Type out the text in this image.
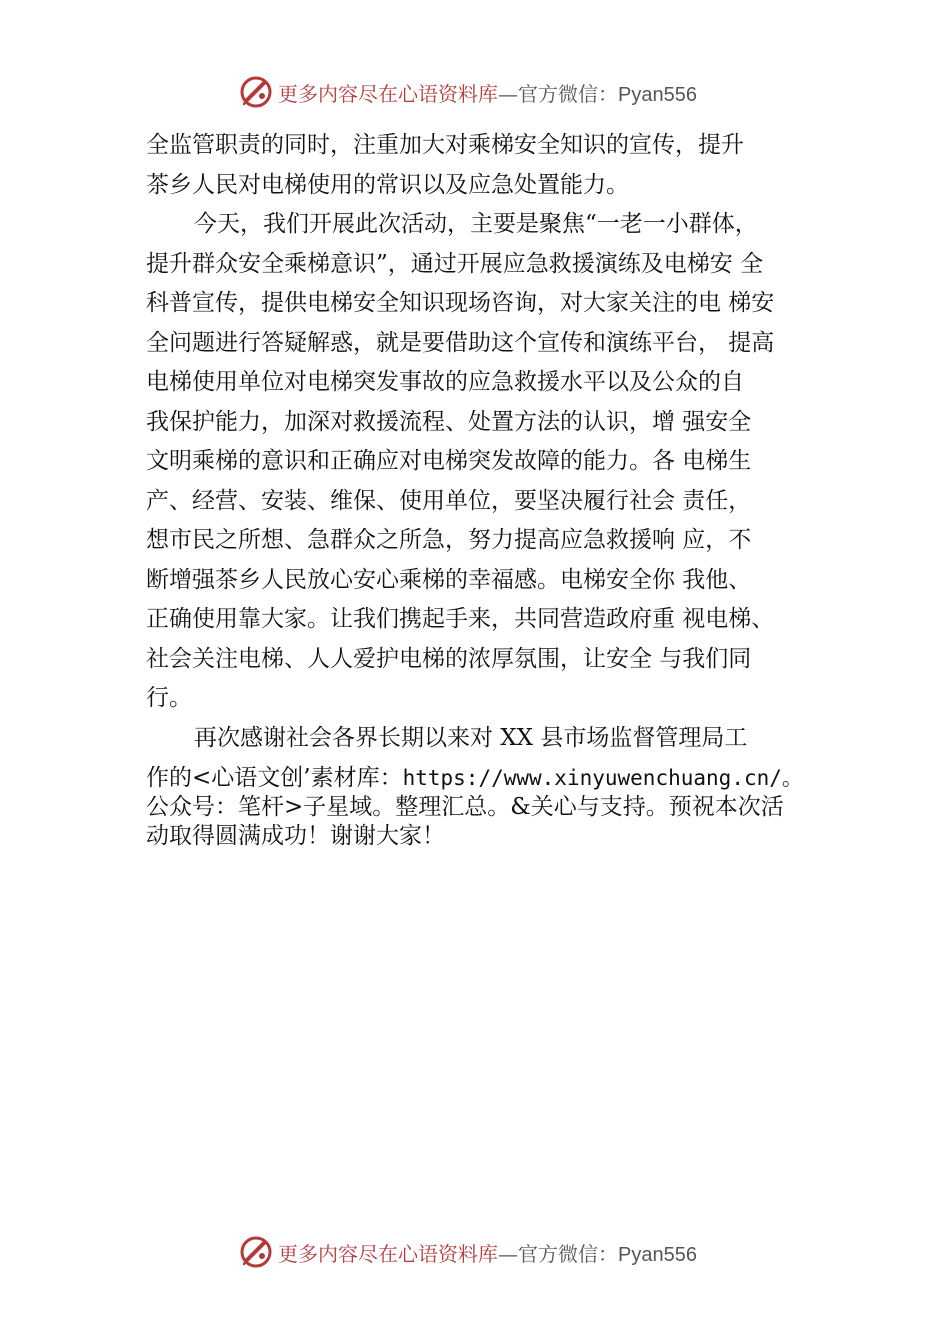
更多内容尽在心语资料库—官方微信：Pyan556

全监管职责的同时，注重加大对乘梯安全知识的宣传，提升
茶乡人民对电梯使用的常识以及应急处置能力。

今天，我们开展此次活动，主要是聚焦“一老一小群体，
提升群众安全乘梯意识”，通过开展应急救援演练及电梯安 全
科普宣传，提供电梯安全知识现场咨询，对大家关注的电 梯安
全问题进行答疑解惑，就是要借助这个宣传和演练平台， 提高
电梯使用单位对电梯突发事故的应急救援水平以及公众的自
我保护能力，加深对救援流程、处置方法的认识，增 强安全
文明乘梯的意识和正确应对电梯突发故障的能力。各 电梯生
产、经营、安装、维保、使用单位，要坚决履行社会 责任，
想市民之所想、急群众之所急，努力提高应急救援响 应，不
断增强茶乡人民放心安心乘梯的幸福感。电梯安全你 我他、
正确使用靠大家。让我们携起手来，共同营造政府重 视电梯、
社会关注电梯、人人爱护电梯的浓厚氛围，让安全 与我们同
行。

再次感谢社会各界长期以来对 XX 县市场监督管理局工

作的<心语文创’素材库：https://www.xinyuwenchuang.cn/。
公众号：笔杆>子星域。整理汇总。&关心与支持。预祝本次活
动取得圆满成功！谢谢大家！

更多内容尽在心语资料库—官方微信：Pyan556
